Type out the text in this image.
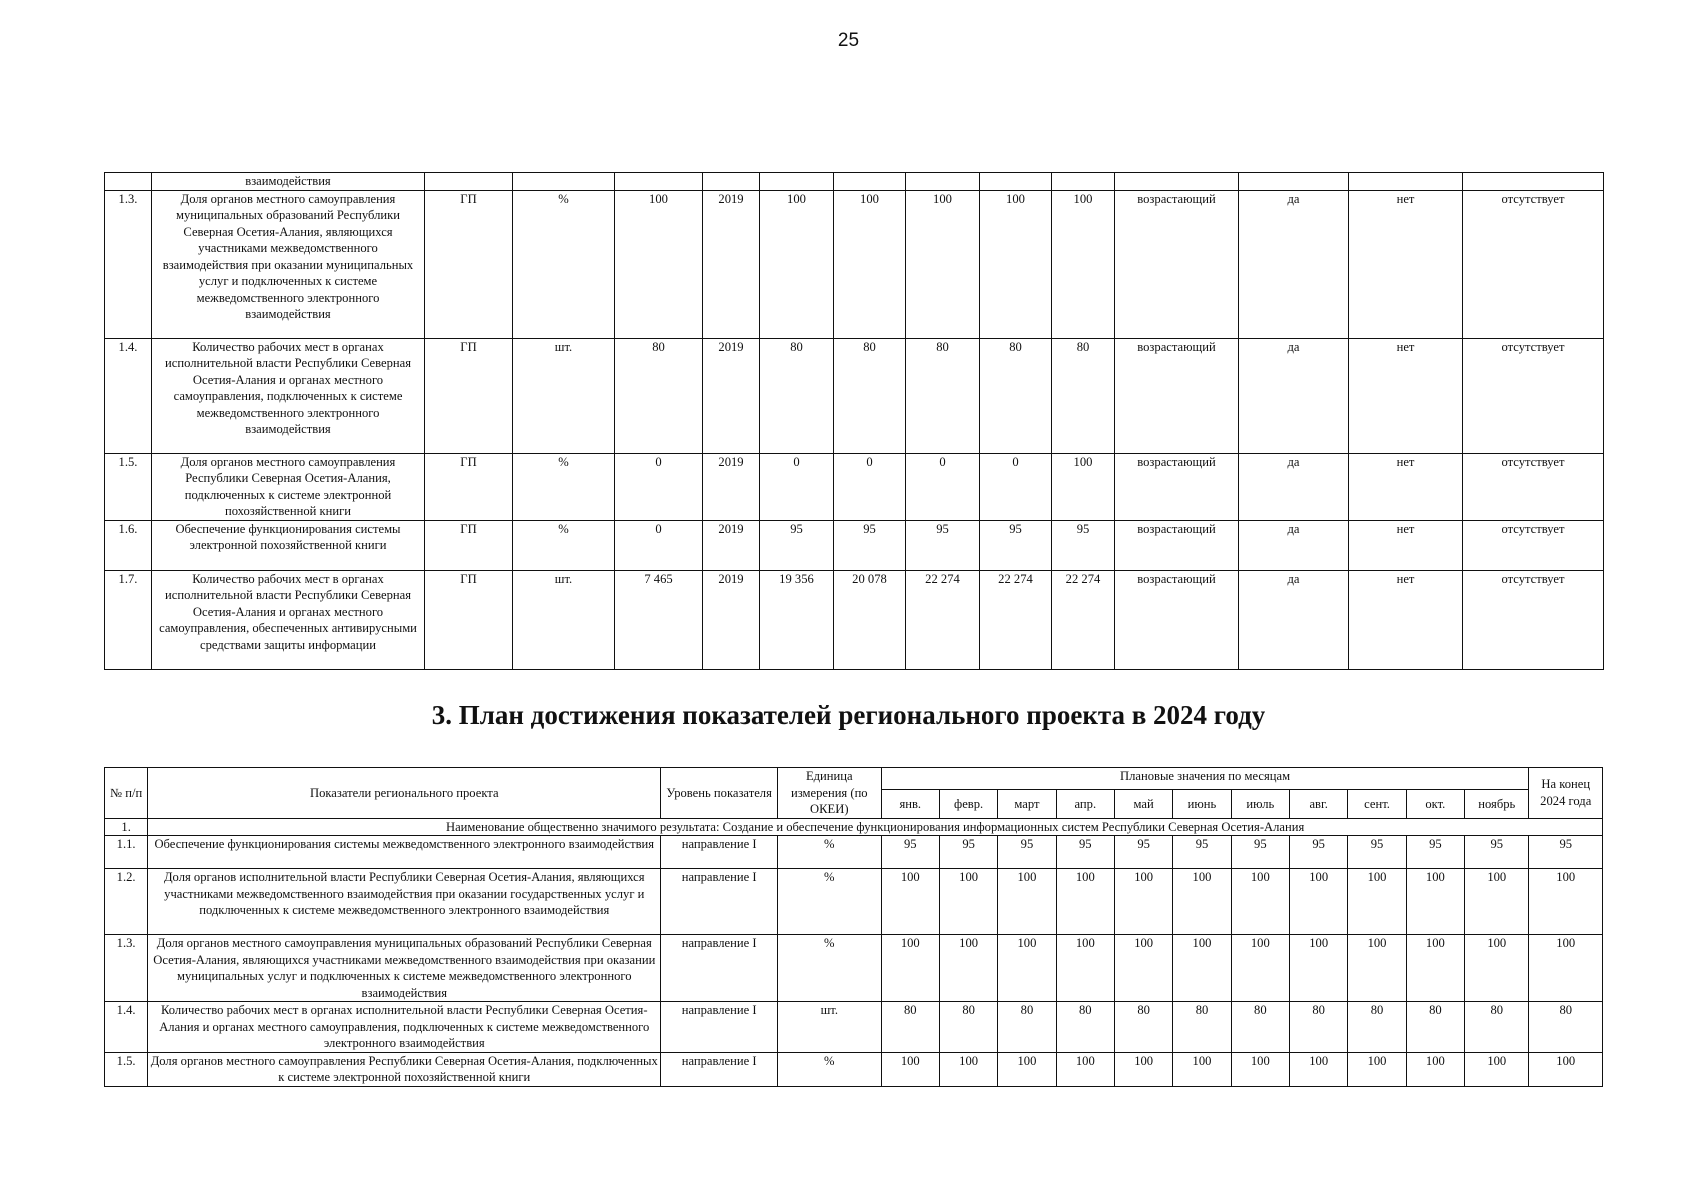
25
	взаимодействия													
1.3.	Доля органов местного самоуправления муниципальных образований Республики Северная Осетия-Алания, являющихся участниками межведомственного взаимодействия при оказании муниципальных услуг и подключенных к системе межведомственного электронного взаимодействия	ГП	%	100	2019	100	100	100	100	100	возрастающий	да	нет	отсутствует
1.4.	Количество рабочих мест в органах исполнительной власти Республики Северная Осетия-Алания и органах местного самоуправления, подключенных к системе межведомственного электронного взаимодействия	ГП	шт.	80	2019	80	80	80	80	80	возрастающий	да	нет	отсутствует
1.5.	Доля органов местного самоуправления Республики Северная Осетия-Алания, подключенных к системе электронной похозяйственной книги	ГП	%	0	2019	0	0	0	0	100	возрастающий	да	нет	отсутствует
1.6.	Обеспечение функционирования системы электронной похозяйственной книги	ГП	%	0	2019	95	95	95	95	95	возрастающий	да	нет	отсутствует
1.7.	Количество рабочих мест в органах исполнительной власти Республики Северная Осетия-Алания и органах местного самоуправления, обеспеченных антивирусными средствами защиты информации	ГП	шт.	7 465	2019	19 356	20 078	22 274	22 274	22 274	возрастающий	да	нет	отсутствует
3. План достижения показателей регионального проекта в 2024 году
№ п/п	Показатели регионального проекта	Уровень показателя	Единица измерения (по ОКЕИ)	Плановые значения по месяцам											На конец 2024 года
				янв.	февр.	март	апр.	май	июнь	июль	авг.	сент.	окт.	ноябрь	
1.	Наименование общественно значимого результата: Создание и обеспечение функционирования информационных систем Республики Северная Осетия-Алания														
1.1.	Обеспечение функционирования системы межведомственного электронного взаимодействия	направление I	%	95	95	95	95	95	95	95	95	95	95	95	95
1.2.	Доля органов исполнительной власти Республики Северная Осетия-Алания, являющихся участниками межведомственного взаимодействия при оказании государственных услуг и подключенных к системе межведомственного электронного взаимодействия	направление I	%	100	100	100	100	100	100	100	100	100	100	100	100
1.3.	Доля органов местного самоуправления муниципальных образований Республики Северная Осетия-Алания, являющихся участниками межведомственного взаимодействия при оказании муниципальных услуг и подключенных к системе межведомственного электронного взаимодействия	направление I	%	100	100	100	100	100	100	100	100	100	100	100	100
1.4.	Количество рабочих мест в органах исполнительной власти Республики Северная Осетия-Алания и органах местного самоуправления, подключенных к системе межведомственного электронного взаимодействия	направление I	шт.	80	80	80	80	80	80	80	80	80	80	80	80
1.5.	Доля органов местного самоуправления Республики Северная Осетия-Алания, подключенных к системе электронной похозяйственной книги	направление I	%	100	100	100	100	100	100	100	100	100	100	100	100
